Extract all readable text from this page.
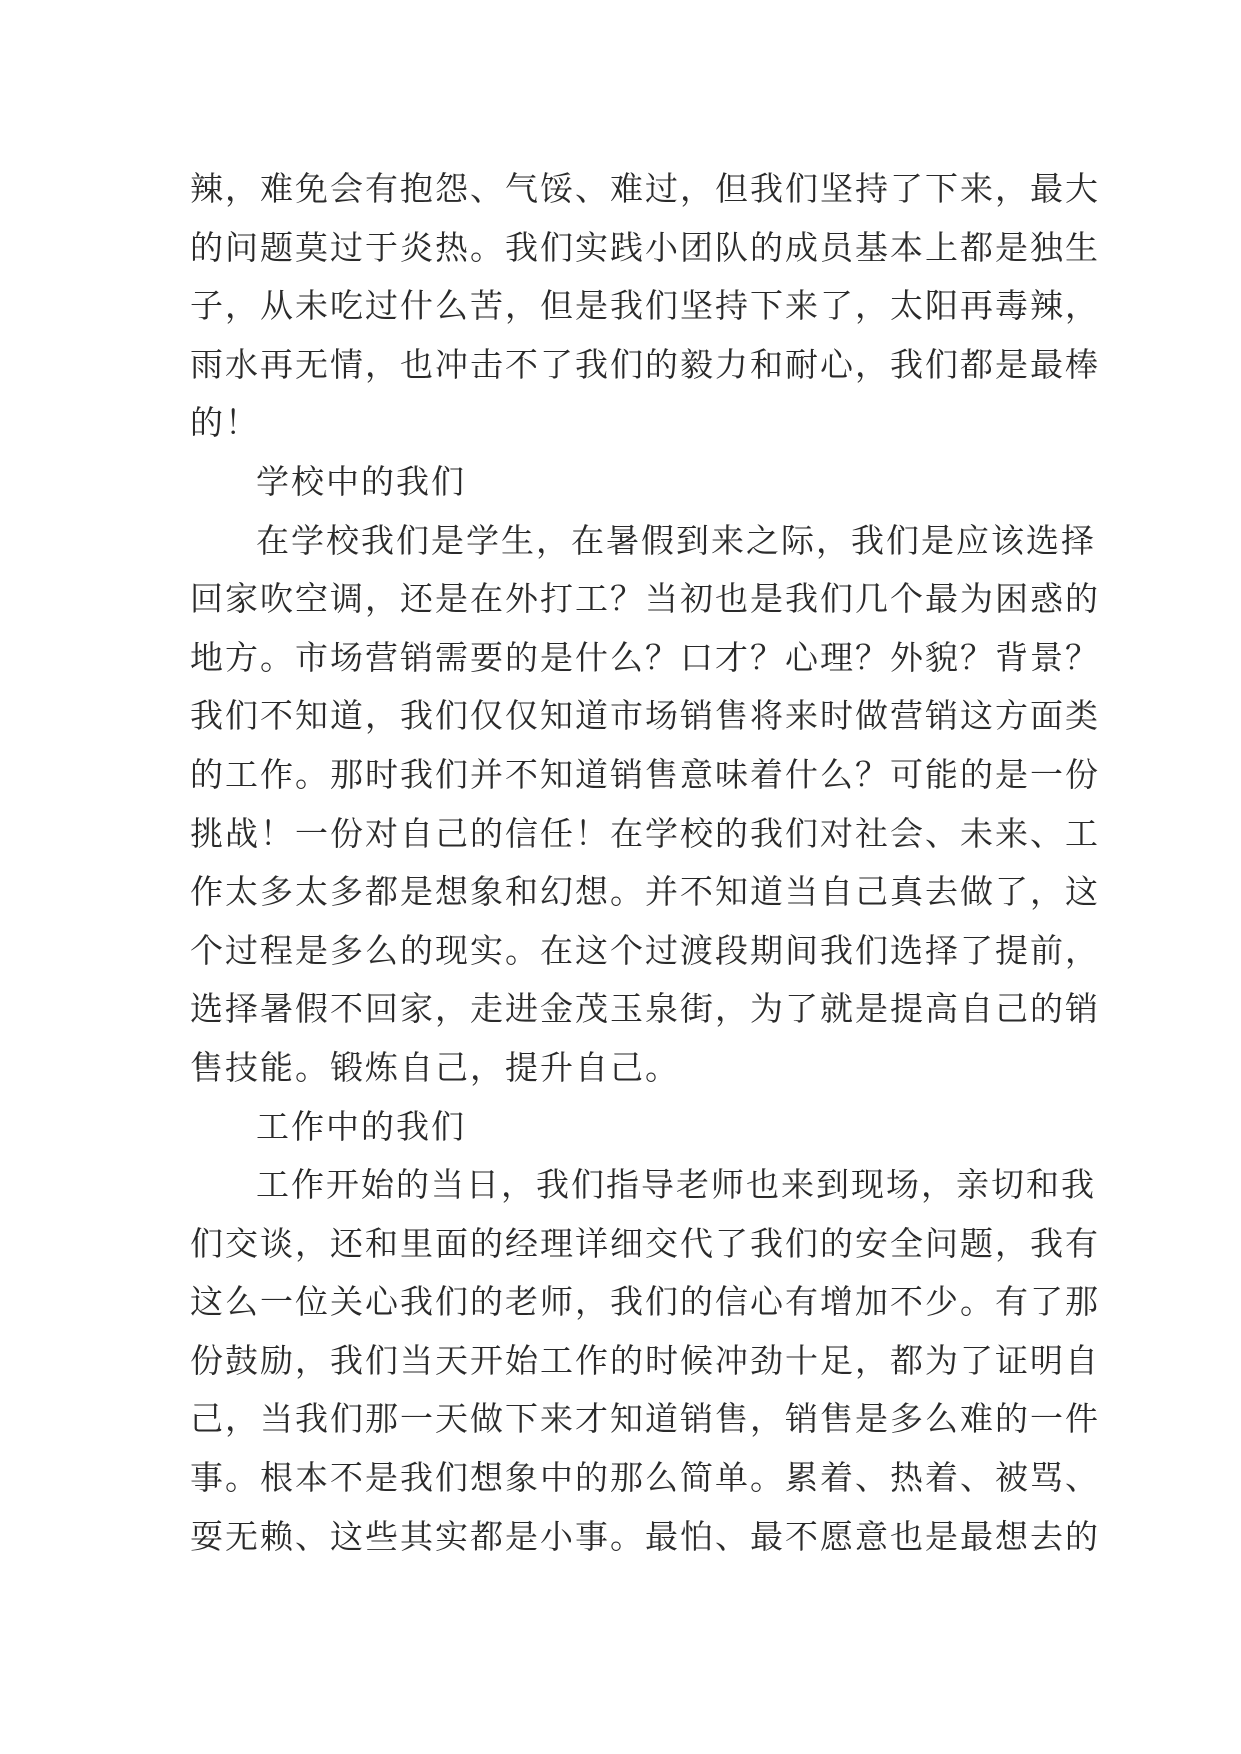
辣，难免会有抱怨、气馁、难过，但我们坚持了下来，最大

的问题莫过于炎热。我们实践小团队的成员基本上都是独生

子，从未吃过什么苦，但是我们坚持下来了，太阳再毒辣，

雨水再无情，也冲击不了我们的毅力和耐心，我们都是最棒

的！

学校中的我们

在学校我们是学生，在暑假到来之际，我们是应该选择

回家吹空调，还是在外打工？当初也是我们几个最为困惑的

地方。市场营销需要的是什么？口才？心理？外貌？背景？

我们不知道，我们仅仅知道市场销售将来时做营销这方面类

的工作。那时我们并不知道销售意味着什么？可能的是一份

挑战！一份对自己的信任！在学校的我们对社会、未来、工

作太多太多都是想象和幻想。并不知道当自己真去做了，这

个过程是多么的现实。在这个过渡段期间我们选择了提前，

选择暑假不回家，走进金茂玉泉街，为了就是提高自己的销

售技能。锻炼自己，提升自己。

工作中的我们

工作开始的当日，我们指导老师也来到现场，亲切和我

们交谈，还和里面的经理详细交代了我们的安全问题，我有

这么一位关心我们的老师，我们的信心有增加不少。有了那

份鼓励，我们当天开始工作的时候冲劲十足，都为了证明自

己，当我们那一天做下来才知道销售，销售是多么难的一件

事。根本不是我们想象中的那么简单。累着、热着、被骂、

耍无赖、这些其实都是小事。最怕、最不愿意也是最想去的
